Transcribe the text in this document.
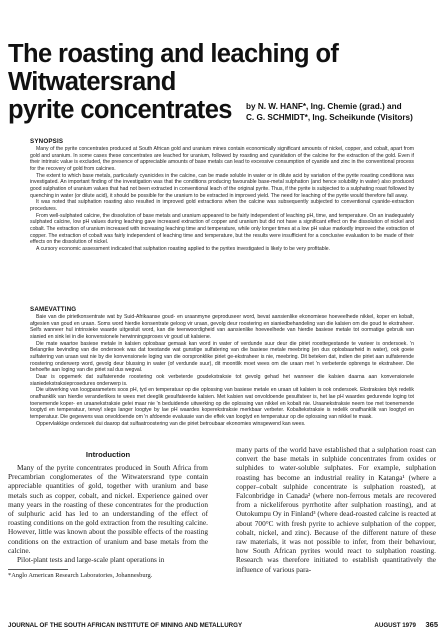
The roasting and leaching of Witwatersrand
pyrite concentrates	by N. W. HANF*, Ing. Chemie (grad.) and
C. G. SCHMIDT*, Ing. Scheikunde (Visitors)
SYNOPSIS

Many of the pyrite concentrates produced at South African gold and uranium mines contain economically significant amounts of nickel, copper, and cobalt, apart from gold and uranium. In some cases these concentrates are leached for uranium, followed by roasting and cyanidation of the calcine for the extraction of the gold. Even if their intrinsic value is excluded, the presence of appreciable amounts of base metals can lead to excessive consumption of cyanide and zinc in the conventional process for the recovery of gold from calcines.

The extent to which base metals, particularly cyanicides in the calcine, can be made soluble in water or in dilute acid by variation of the pyrite roasting conditions was investigated. An important finding of the investigation was that the conditions producing favourable base-metal sulphation (and hence solubility in water) also produced good sulphation of uranium values that had not been extracted in conventional leach of the original pyrite. Thus, if the pyrite is subjected to a sulphating roast followed by quenching in water (or dilute acid), it should be possible for the uranium to be extracted in improved yield. The need for leaching of the pyrite would therefore fall away.

It was noted that sulphation roasting also resulted in improved gold extractions when the calcine was subsequently subjected to conventional cyanide-extraction procedures.

From well-sulphated calcine, the dissolution of base metals and uranium appeared to be fairly independent of leaching pH, time, and temperature. On an inadequately sulphated calcine, low pH values during leaching gave increased extraction of copper and uranium but did not have a significant effect on the dissolution of nickel and cobalt. The extraction of uranium increased with increasing leaching time and temperature, while only longer times at a low pH value markedly improved the extraction of copper. The extraction of cobalt was fairly independent of leaching time and temperature, but the results were insufficient for a conclusive evaluation to be made of their effects on the dissolution of nickel.

A cursory economic assessment indicated that sulphation roasting applied to the pyrites investigated is likely to be very profitable.

SAMEVATTING

Baie van die pirietkonsentrate wat by Suid-Afrikaanse goud- en uraanmyne geproduseer word, bevat aansienlike ekonomiese hoeveelhede nikkel, koper en kobalt, afgesien van goud en uraan. Soms word hierdie konsentrate geloog vir uraan, gevolg deur roostering en sianiedbehandeling van die kalsien om die goud te ekstraheer. Selfs wanneer hul intrinsieke waarde uitgesluit word, kan die teenwoordigheid van aansienlike hoeveelhede van hierdie basiese metale tot oormatige gebruik van sianied en sink lei in die konvensionele herwinningsproses vir goud uit kalsiene.

Die mate waartoe basiese metale in kalsien oplosbaar gemaak kan word in water of verdunde suur deur die piriet roosttegestande te varieer is ondersoek. 'n Belangrike bevinding van die ondersoek was dat toestande wat gunstige sulfatering van die basiese metale meebring (en dus oplosbaarheid in water), ook goeie sulfatering van uraan wat nie by die konvensionele loging van die oorspronklike piriet ge-ekstraheer is nie, meebring. Dit beteken dat, indien die piriet aan sulfaterende roostering onderwerp word, gevolg deur blussing in water (of verdunde suur), dit moontlik moet wees om die uraan met 'n verbeterde opbrengs te ekstraheer. Die behoefte aan loging van die piriet sal dus wegval.

Daar is opgemerk dat sulfaterende roostering ook verbeterde goudekstraksie tot gevolg gehad het wanneer die kalsien daarna aan konvensionele sianiedekstraksieprosedures onderwerp is.

Die uitwerking van loogparameters soos pH, tyd en temperatuur op die oplossing van basiese metale en uraan uit kalsien is ook ondersoek. Ekstraksies blyk redelik onafhanklik van hierdie veranderlikes te wees met deeglik gesulfateerde kalsien. Met kalsien wat onvoldoende gesulfateer is, het lae pH waardes gedurende loging tot toenemende koper- en uraanekstraksie gelei maar nie 'n beduidende uitwerking op die oplossing van nikkel en kobalt nie. Uraanekstraksie neem toe met toenemende loogtyd en temperatuur, terwyl slegs langer loogtye by lae pH waardes koperekstraksie merkbaar verbeter. Kobaltekstraksie is redelik onafhanklik van loogtyd en temperatuur. Die gegewens was onvoldoende om 'n afdoende evaluasie van die effek van loogtyd en temperatuur op die oplossing van nikkel te maak.

Oppervlakkige ondersoek dui daarop dat sulfaatroostering van die piriet betroubaar ekonomies winsgewend kan wees.

Introduction

Many of the pyrite concentrates produced in South Africa from Precambrian conglomerates of the Witwatersrand type contain appreciable quantities of gold, together with uranium and base metals such as copper, cobalt, and nickel. Experience gained over many years in the roasting of these concentrates for the production of sulphuric acid has led to an understanding of the effect of roasting conditions on the gold extraction from the resulting calcine. However, little was known about the possible effects of the roasting conditions on the extraction of uranium and base metals from the calcine.

Pilot-plant tests and large-scale plant operations in

*Anglo American Research Laboratories, Johannesburg.

many parts of the world have established that a sulphation roast can convert the base metals in sulphide concentrates from oxides or sulphides to water-soluble sulphates. For example, sulphation roasting has become an industrial reality in Katanga¹ (where a copper–cobalt sulphide concentrate is sulphation roasted), at Falconbridge in Canada² (where non-ferrous metals are recovered from a nickeliferous pyrrhotite after sulphation roasting), and at Outokumpu Oy in Finland³ (where dead-roasted calcine is reacted at about 700°C with fresh pyrite to achieve sulphation of the copper, cobalt, nickel, and zinc). Because of the different nature of these raw materials, it was not possible to infer, from their behaviour, how South African pyrites would react to sulphation roasting. Research was therefore initiated to establish quantitatively the influence of various para-

JOURNAL OF THE SOUTH AFRICAN INSTITUTE OF MINING AND METALLURGY	AUGUST 1979 365
